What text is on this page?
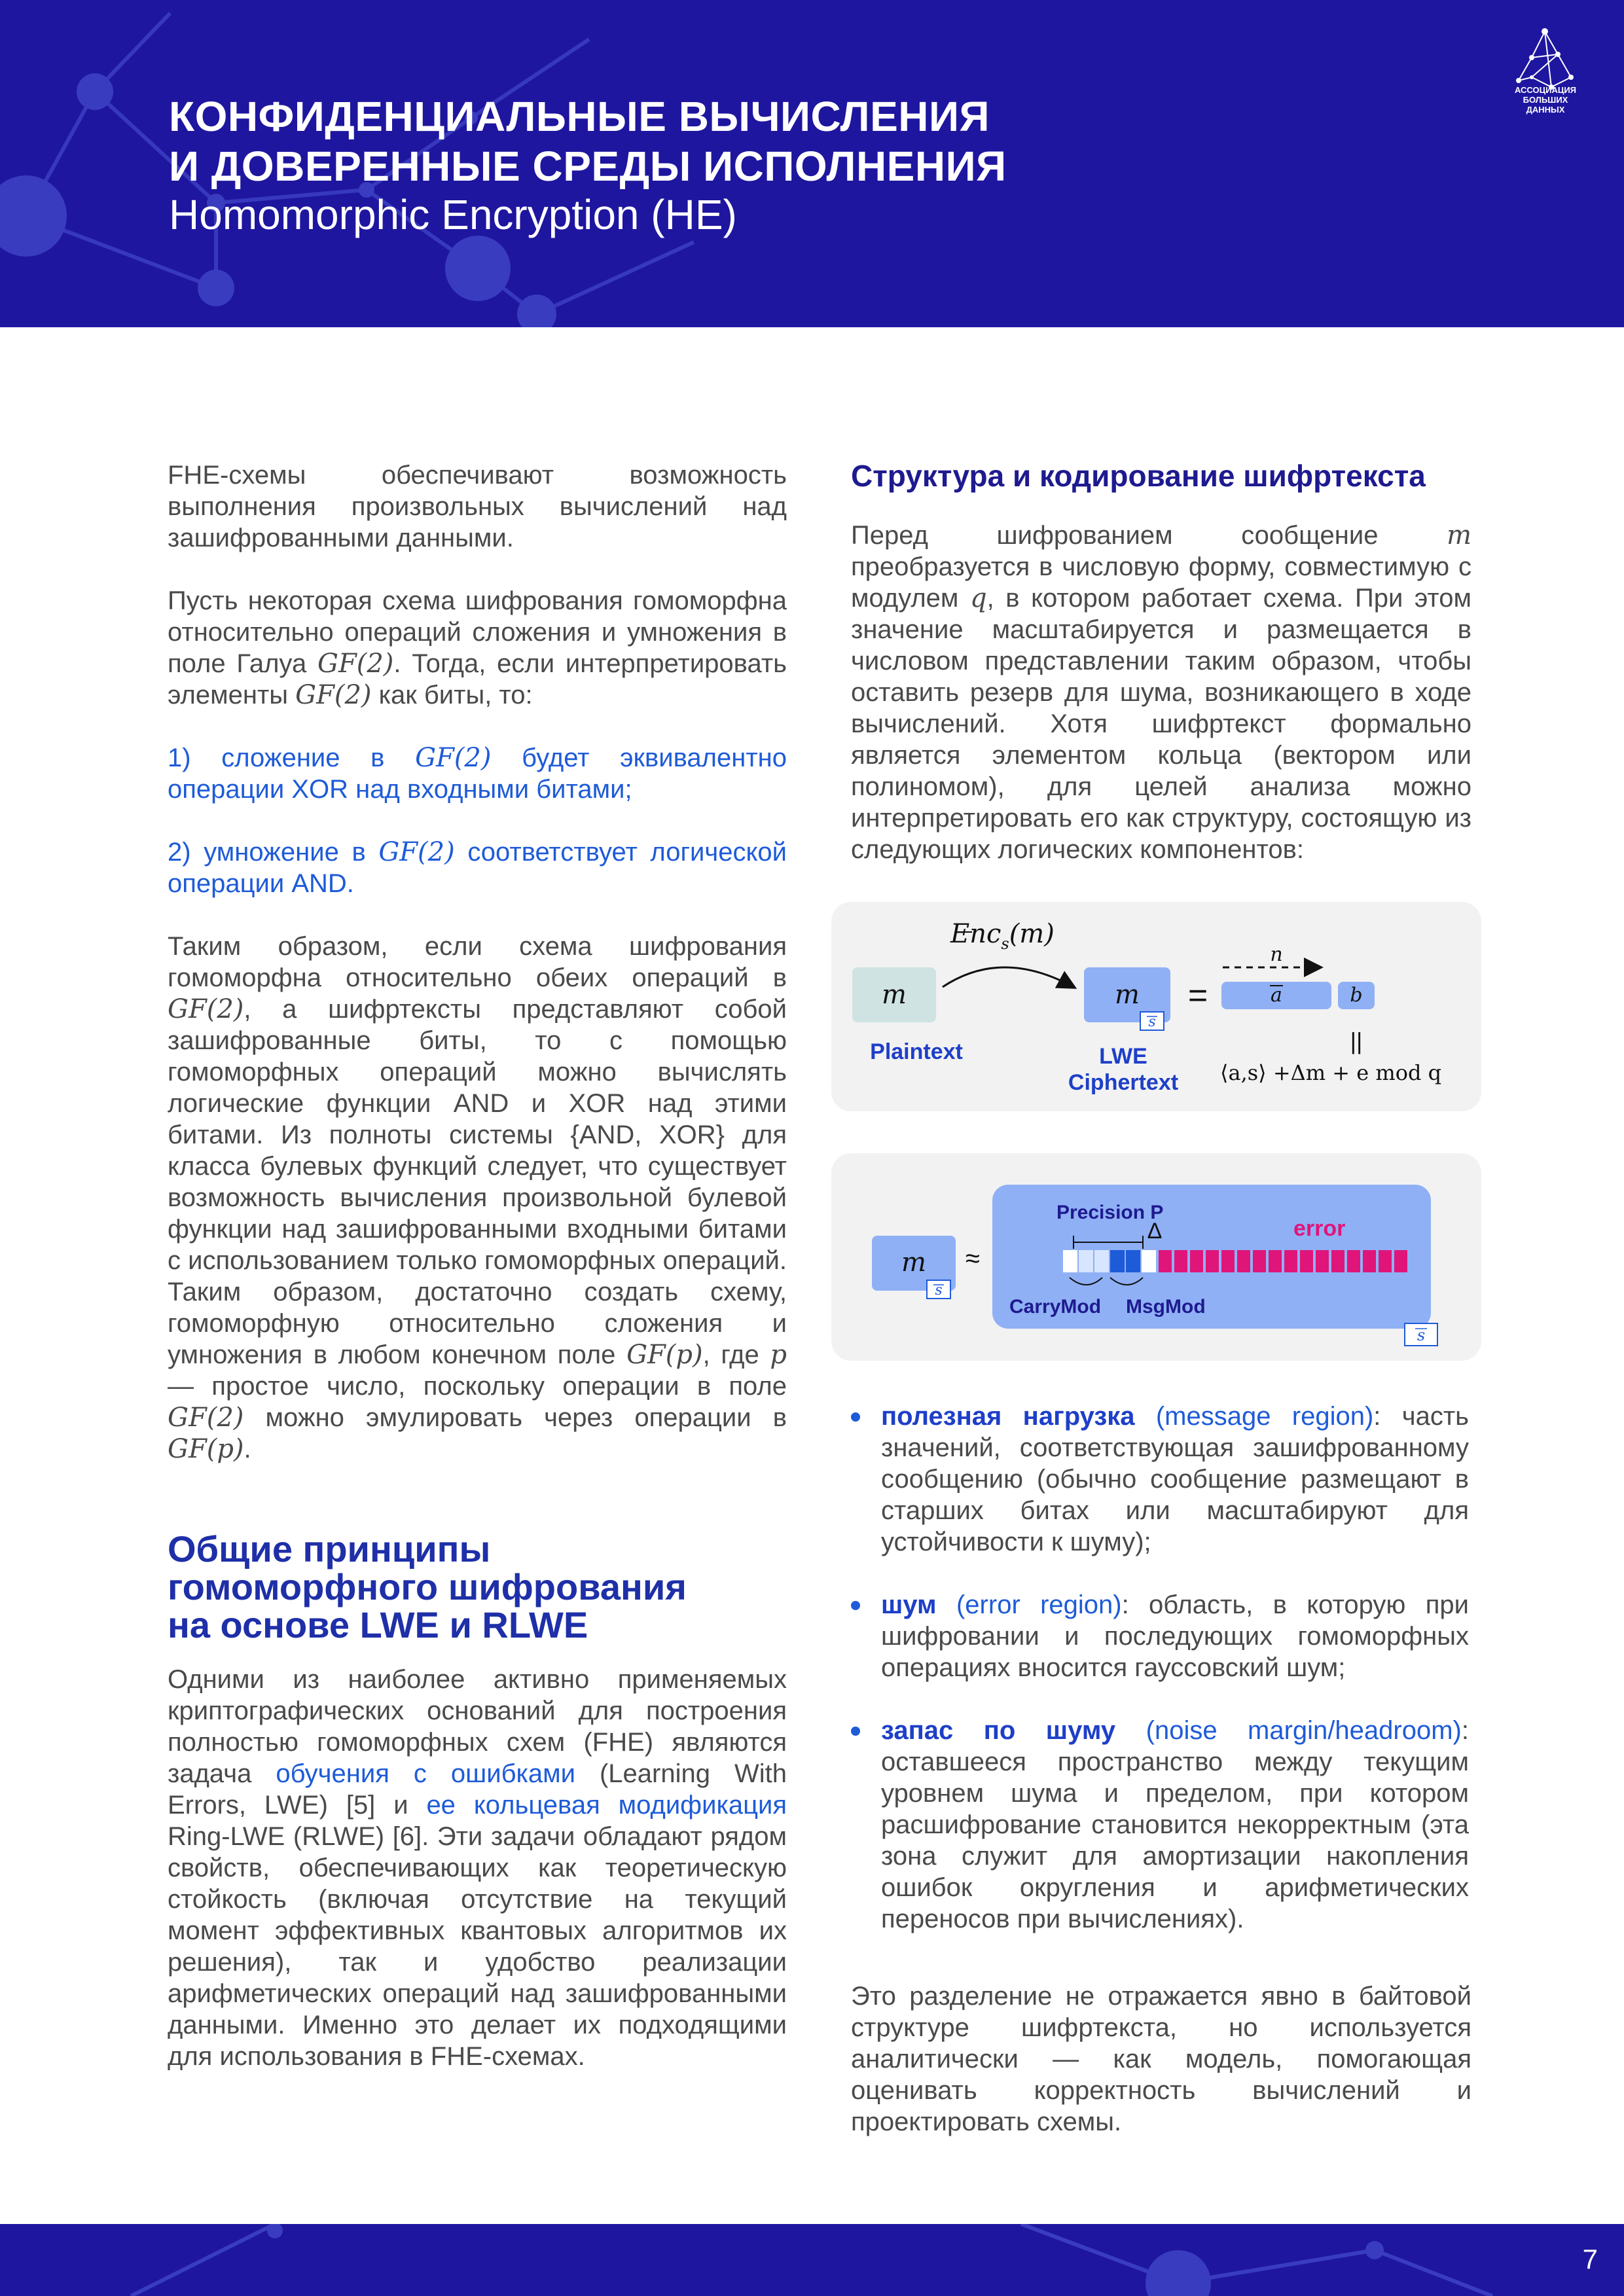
КОНФИДЕНЦИАЛЬНЫЕ ВЫЧИСЛЕНИЯ
И ДОВЕРЕННЫЕ СРЕДЫ ИСПОЛНЕНИЯ
Homomorphic Encryption (HE)
АССОЦИАЦИЯ
БОЛЬШИХ ДАННЫХ

FHE-схемы обеспечивают возможность выполнения произвольных вычислений над зашифрованными данными.

Пусть некоторая схема шифрования гомоморфна относительно операций сложения и умножения в поле Галуа GF(2). Тогда, если интерпретировать элементы GF(2) как биты, то:

1) сложение в GF(2) будет эквивалентно операции XOR над входными битами;

2) умножение в GF(2) соответствует логической операции AND.

Таким образом, если схема шифрования гомоморфна относительно обеих операций в GF(2), а шифртексты представляют собой зашифрованные биты, то с помощью гомоморфных операций можно вычислять логические функции AND и XOR над этими битами. Из полноты системы {AND, XOR} для класса булевых функций следует, что существует возможность вычисления произвольной булевой функции над зашифрованными входными битами с использованием только гомоморфных операций. Таким образом, достаточно создать схему, гомоморфную относительно сложения и умножения в любом конечном поле GF(p), где p — простое число, поскольку операции в поле GF(2) можно эмулировать через операции в GF(p).

Общие принципы гомоморфного шифрования на основе LWE и RLWE

Одними из наиболее активно применяемых криптографических оснований для построения полностью гомоморфных схем (FHE) являются задача обучения с ошибками (Learning With Errors, LWE) [5] и ее кольцевая модификация Ring-LWE (RLWE) [6]. Эти задачи обладают рядом свойств, обеспечивающих как теоретическую стойкость (включая отсутствие на текущий момент эффективных квантовых алгоритмов их решения), так и удобство реализации арифметических операций над зашифрованными данными. Именно это делает их подходящими для использования в FHE-схемах.

Структура и кодирование шифртекста

Перед шифрованием сообщение m преобразуется в числовую форму, совместимую с модулем q, в котором работает схема. При этом значение масштабируется и размещается в числовом представлении таким образом, чтобы оставить резерв для шума, возникающего в ходе вычислений. Хотя шифртекст формально является элементом кольца (вектором или полиномом), для целей анализа можно интерпретировать его как структуру, состоящую из следующих логических компонентов:

Enc$_s$(m)
m	m
s
=
n
a	b
||
Plaintext	LWE
Ciphertext ⟨a,s⟩ +Δm + e mod q
m
s
≈
s
Precision P
Δ	error
CarryMod MsgMod
полезная нагрузка (message region): часть значений, соответствующая зашифрованному сообщению (обычно сообщение размещают в старших битах или масштабируют для устойчивости к шуму);
шум (error region): область, в которую при шифровании и последующих гомоморфных операциях вносится гауссовский шум;
запас по шуму (noise margin/headroom): оставшееся пространство между текущим уровнем шума и пределом, при котором расшифрование становится некорректным (эта зона служит для амортизации накопления ошибок округления и арифметических переносов при вычислениях).

Это разделение не отражается явно в байтовой структуре шифртекста, но используется аналитически — как модель, помогающая оценивать корректность вычислений и проектировать схемы.

7
